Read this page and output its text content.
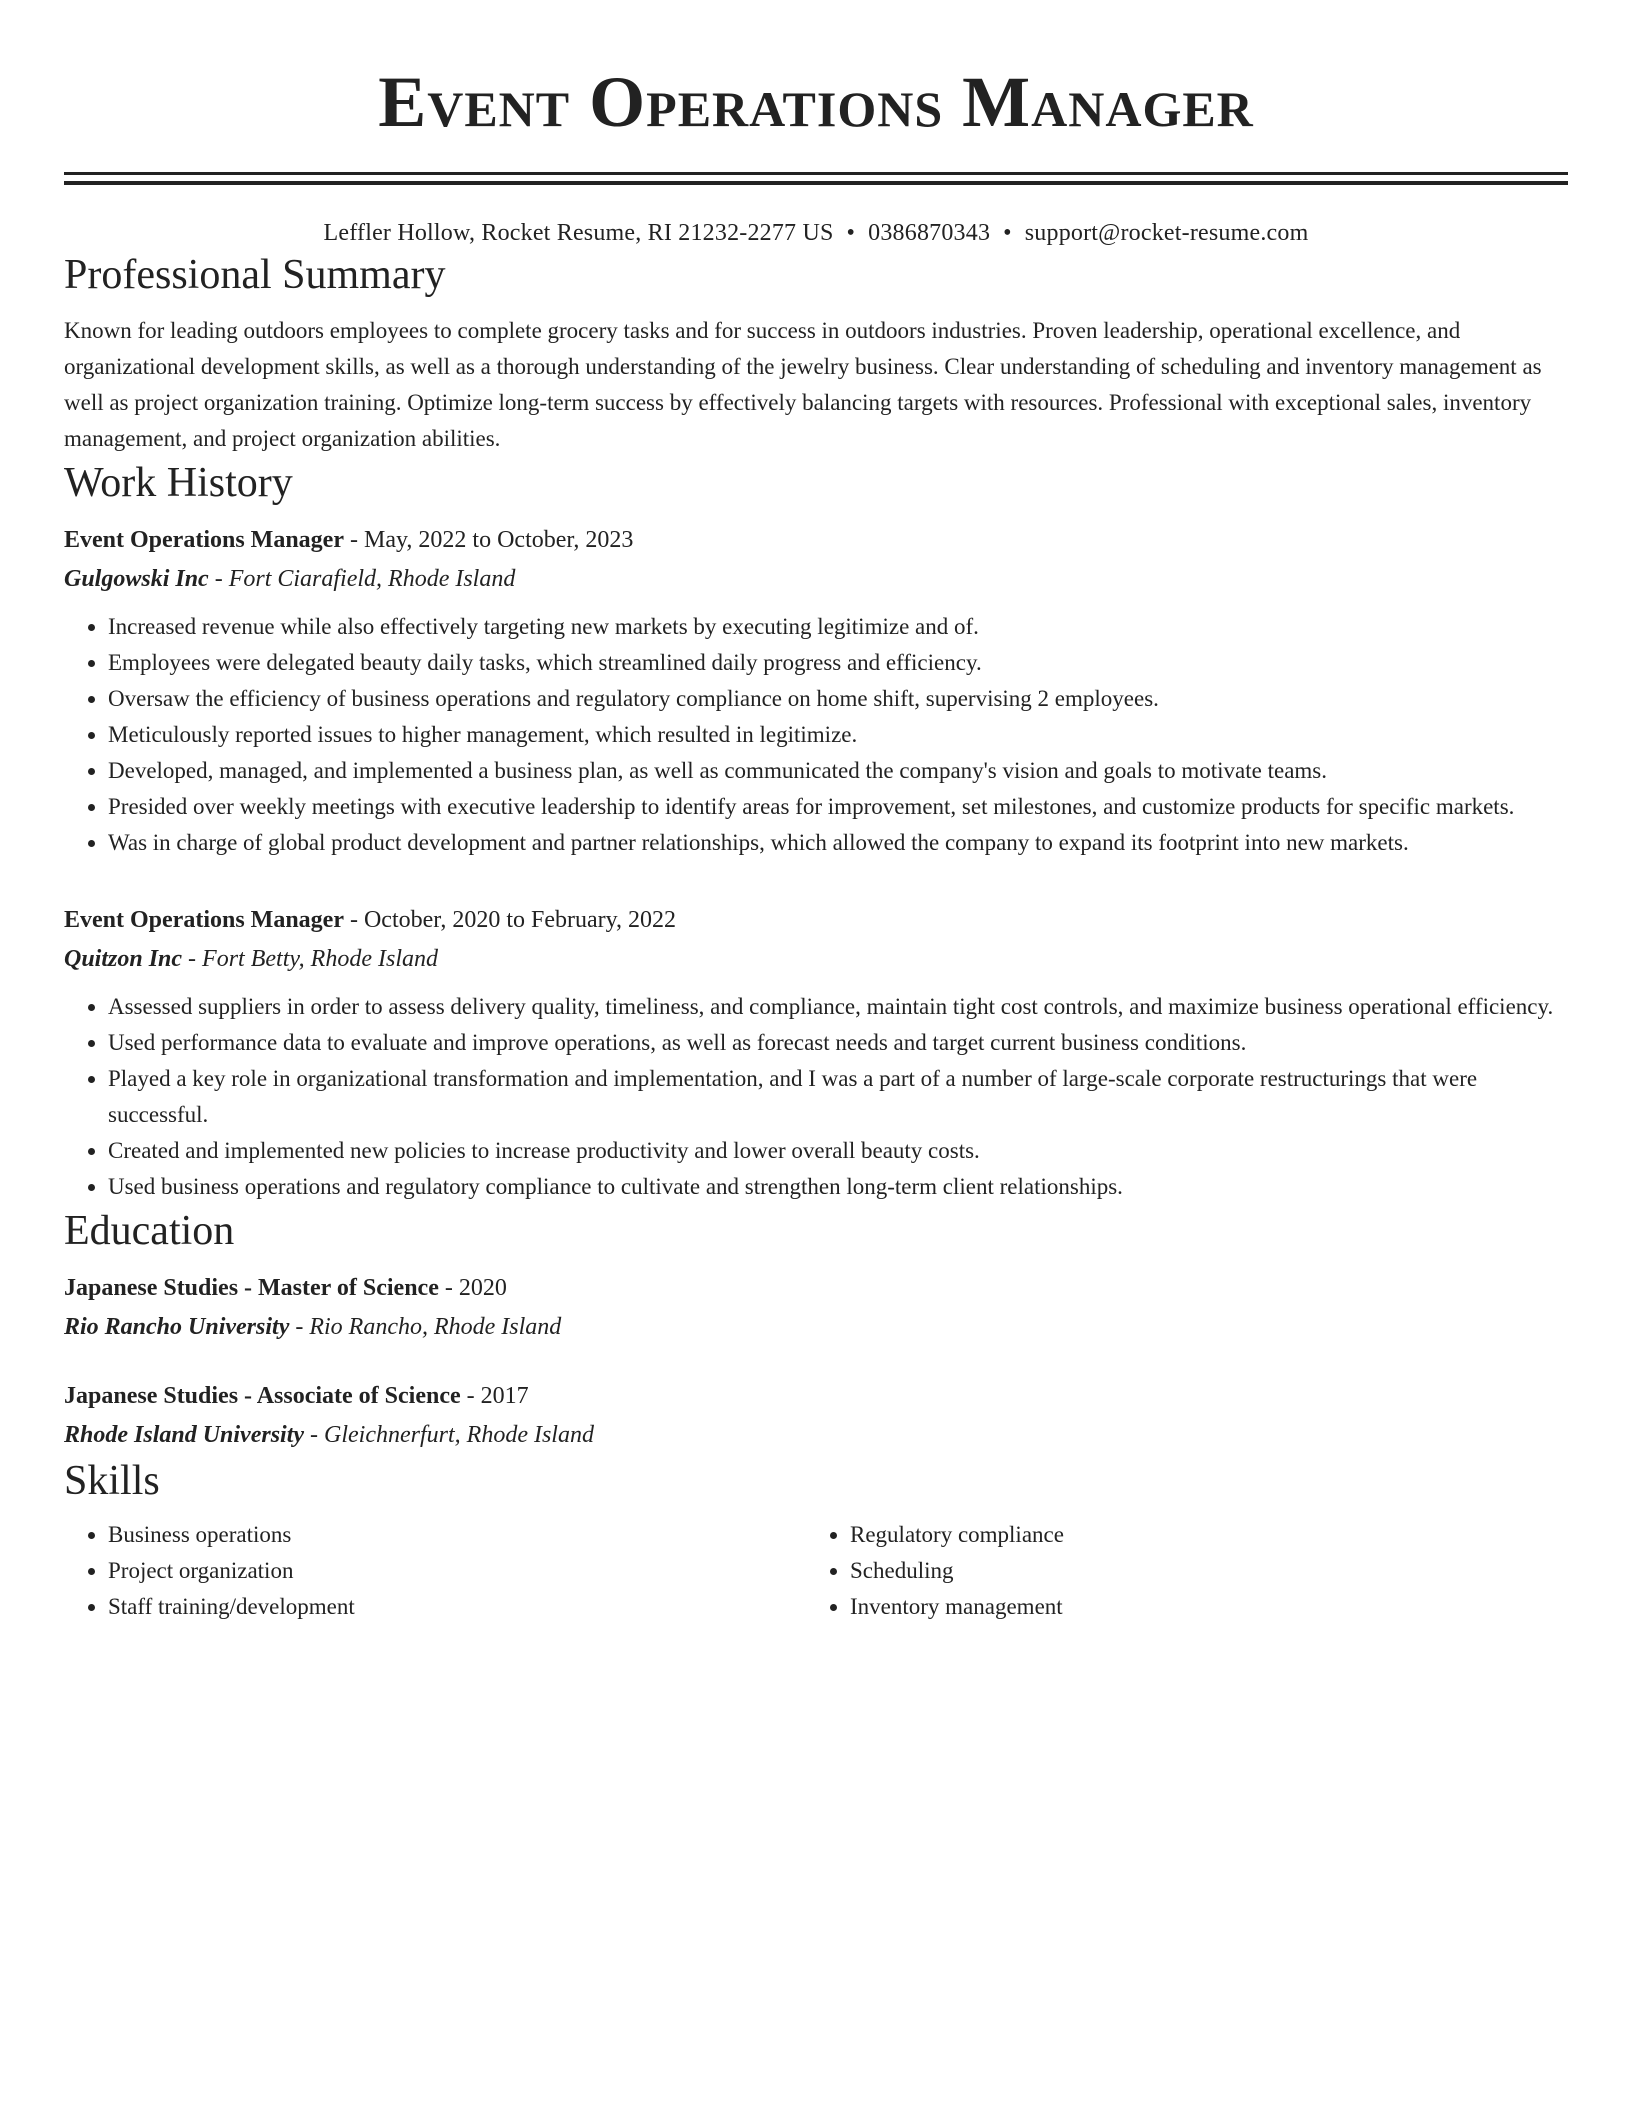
Event Operations Manager
Leffler Hollow, Rocket Resume, RI 21232-2277 US • 0386870343 • support@rocket-resume.com
Professional Summary

Known for leading outdoors employees to complete grocery tasks and for success in outdoors industries. Proven leadership, operational excellence, and organizational development skills, as well as a thorough understanding of the jewelry business. Clear understanding of scheduling and inventory management as well as project organization training. Optimize long-term success by effectively balancing targets with resources. Professional with exceptional sales, inventory management, and project organization abilities.

Work History
Event Operations Manager - May, 2022 to October, 2023
Gulgowski Inc - Fort Ciarafield, Rhode Island
• Increased revenue while also effectively targeting new markets by executing legitimize and of.
• Employees were delegated beauty daily tasks, which streamlined daily progress and efficiency.
• Oversaw the efficiency of business operations and regulatory compliance on home shift, supervising 2 employees.
• Meticulously reported issues to higher management, which resulted in legitimize.
• Developed, managed, and implemented a business plan, as well as communicated the company's vision and goals to motivate teams.
• Presided over weekly meetings with executive leadership to identify areas for improvement, set milestones, and customize products for specific markets.
• Was in charge of global product development and partner relationships, which allowed the company to expand its footprint into new markets.
Event Operations Manager - October, 2020 to February, 2022
Quitzon Inc - Fort Betty, Rhode Island
• Assessed suppliers in order to assess delivery quality, timeliness, and compliance, maintain tight cost controls, and maximize business operational efficiency.
• Used performance data to evaluate and improve operations, as well as forecast needs and target current business conditions.
• Played a key role in organizational transformation and implementation, and I was a part of a number of large-scale corporate restructurings that were successful.
• Created and implemented new policies to increase productivity and lower overall beauty costs.
• Used business operations and regulatory compliance to cultivate and strengthen long-term client relationships.
Education
Japanese Studies - Master of Science - 2020
Rio Rancho University - Rio Rancho, Rhode Island
Japanese Studies - Associate of Science - 2017
Rhode Island University - Gleichnerfurt, Rhode Island
Skills
• Business operations
• Project organization
• Staff training/development
• Regulatory compliance
• Scheduling
• Inventory management
